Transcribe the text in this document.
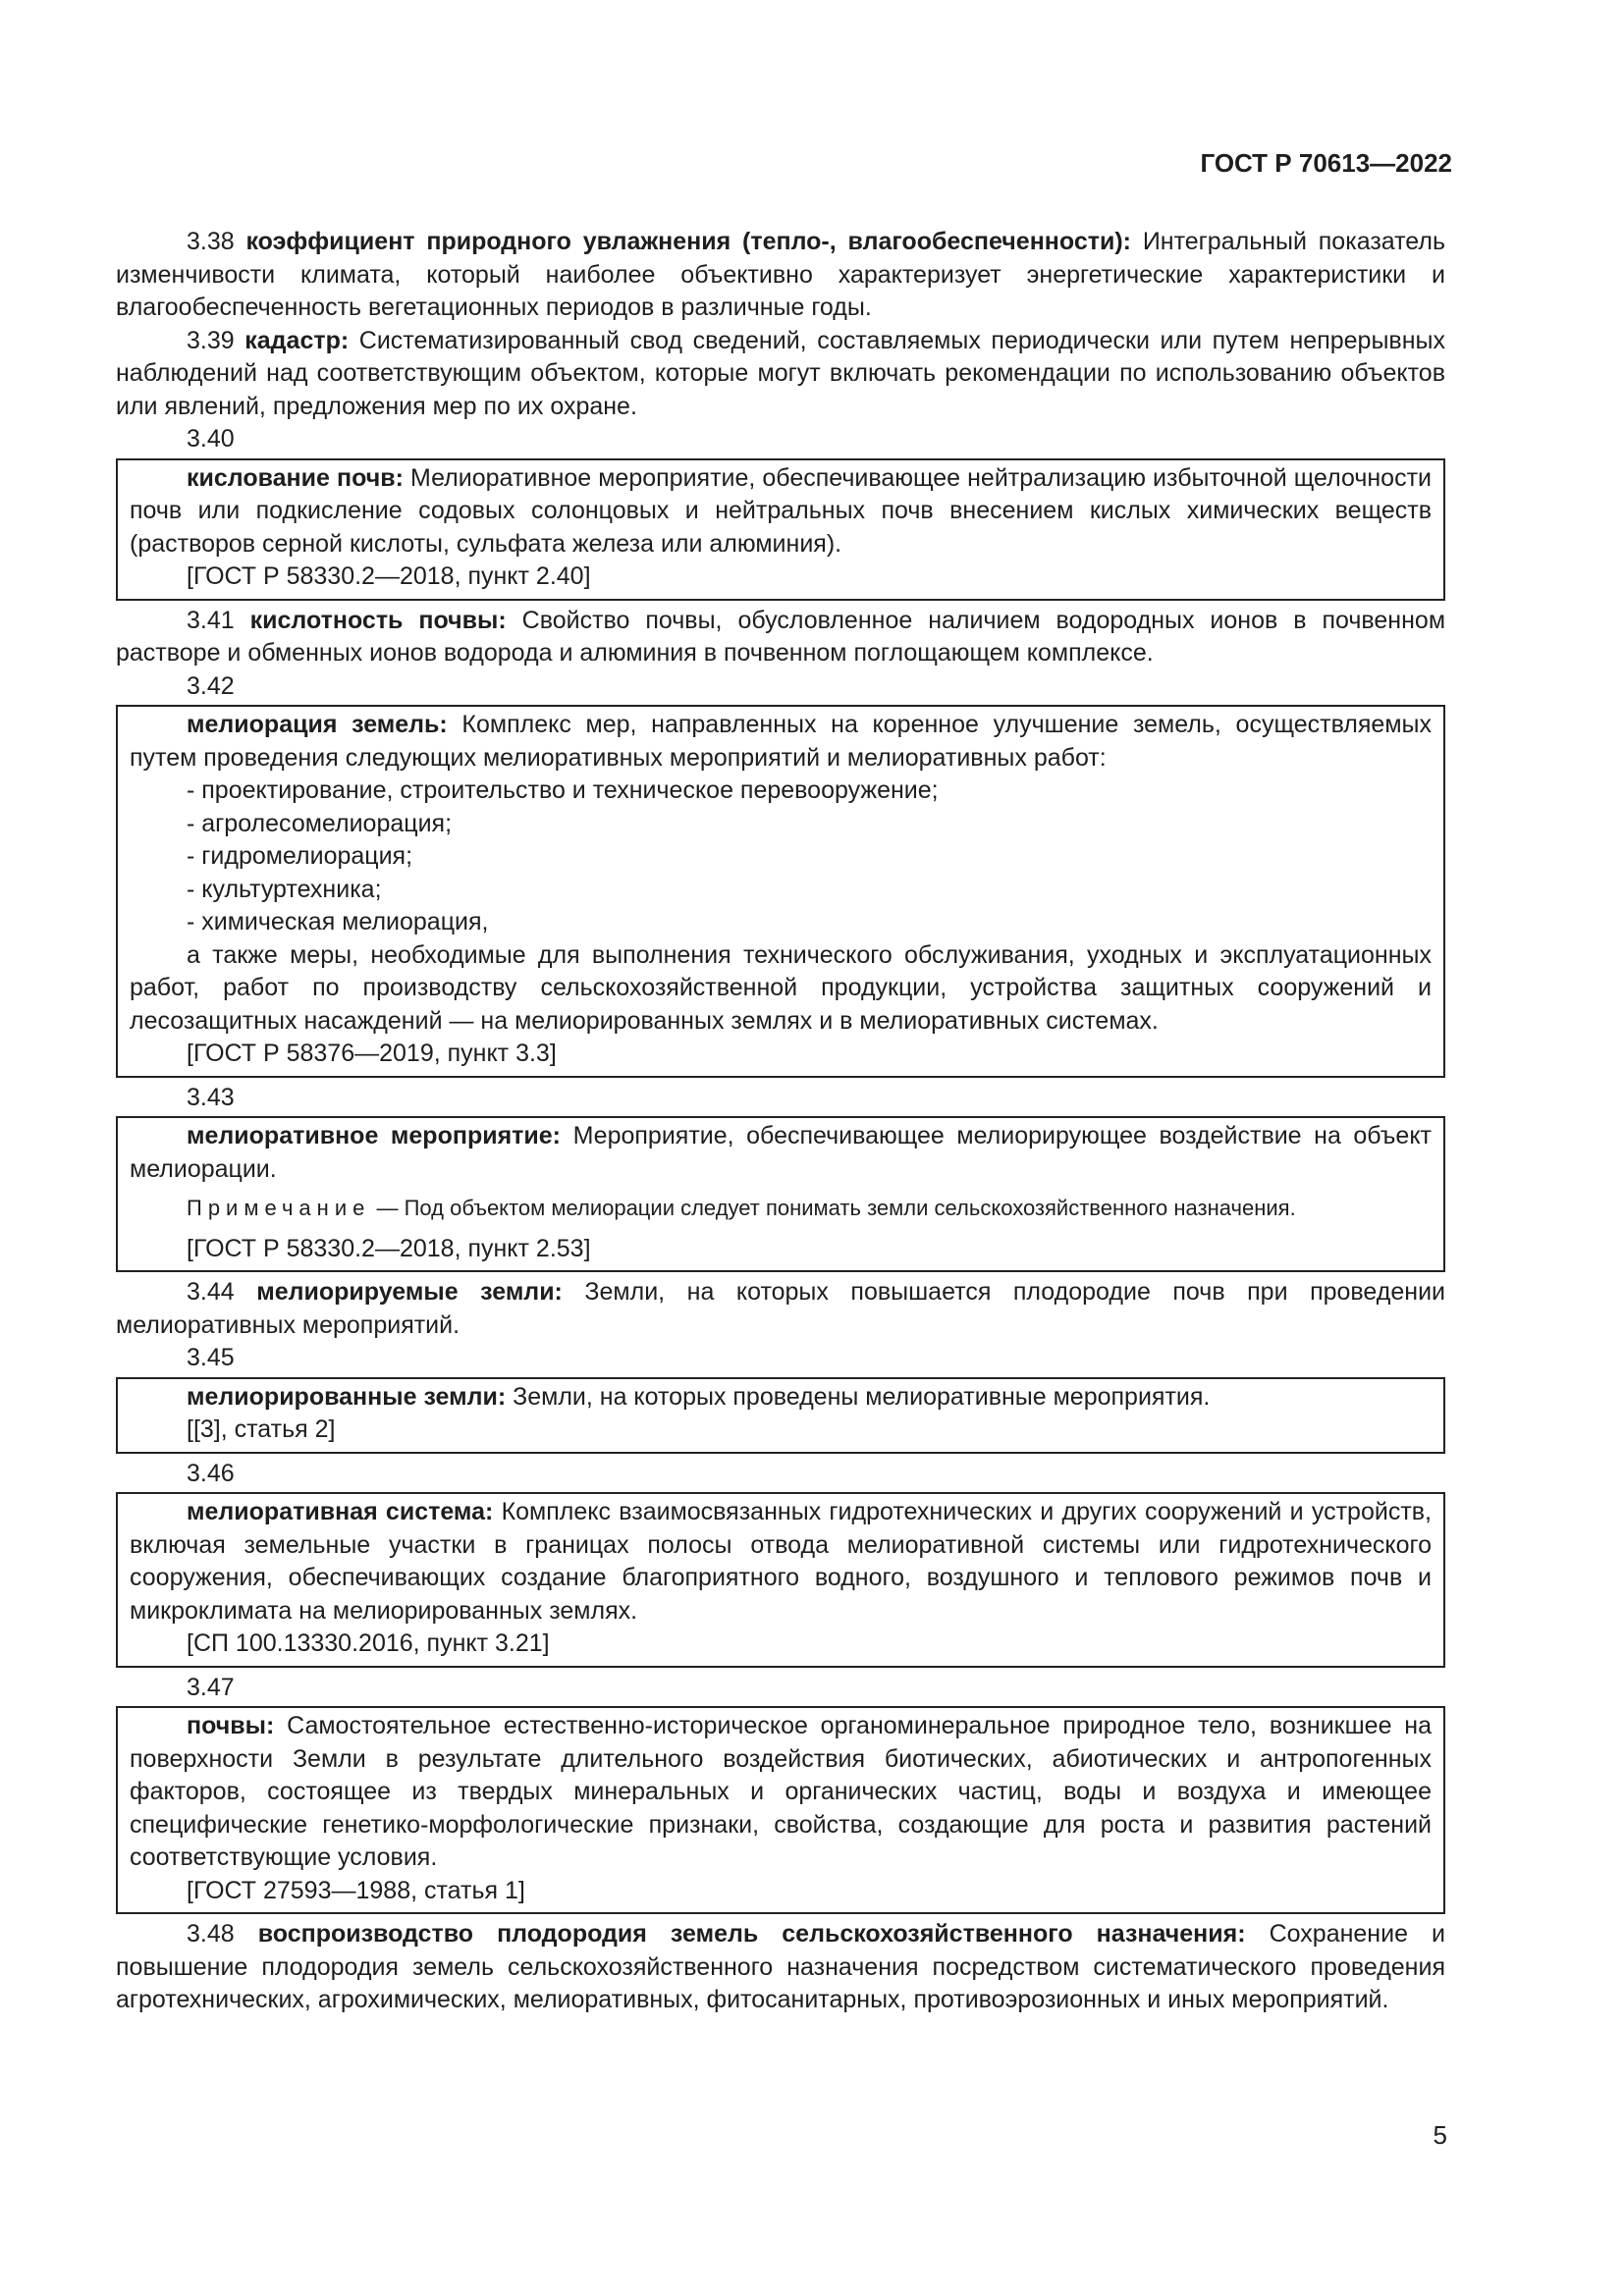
ГОСТ Р 70613—2022

3.38 коэффициент природного увлажнения (тепло-, влагообеспеченности): Интегральный показатель изменчивости климата, который наиболее объективно характеризует энергетические характеристики и влагообеспеченность вегетационных периодов в различные годы.

3.39 кадастр: Систематизированный свод сведений, составляемых периодически или путем непрерывных наблюдений над соответствующим объектом, которые могут включать рекомендации по использованию объектов или явлений, предложения мер по их охране.

3.40

кислование почв: Мелиоративное мероприятие, обеспечивающее нейтрализацию избыточной щелочности почв или подкисление содовых солонцовых и нейтральных почв внесением кислых химических веществ (растворов серной кислоты, сульфата железа или алюминия).

[ГОСТ Р 58330.2—2018, пункт 2.40]

3.41 кислотность почвы: Свойство почвы, обусловленное наличием водородных ионов в почвенном растворе и обменных ионов водорода и алюминия в почвенном поглощающем комплексе.

3.42

мелиорация земель: Комплекс мер, направленных на коренное улучшение земель, осуществляемых путем проведения следующих мелиоративных мероприятий и мелиоративных работ:

- проектирование, строительство и техническое перевооружение;

- агролесомелиорация;

- гидромелиорация;

- культуртехника;

- химическая мелиорация,

а также меры, необходимые для выполнения технического обслуживания, уходных и эксплуатационных работ, работ по производству сельскохозяйственной продукции, устройства защитных сооружений и лесозащитных насаждений — на мелиорированных землях и в мелиоративных системах.

[ГОСТ Р 58376—2019, пункт 3.3]

3.43

мелиоративное мероприятие: Мероприятие, обеспечивающее мелиорирующее воздействие на объект мелиорации.

Примечание — Под объектом мелиорации следует понимать земли сельскохозяйственного назначения.

[ГОСТ Р 58330.2—2018, пункт 2.53]

3.44 мелиорируемые земли: Земли, на которых повышается плодородие почв при проведении мелиоративных мероприятий.

3.45

мелиорированные земли: Земли, на которых проведены мелиоративные мероприятия.

[[3], статья 2]

3.46

мелиоративная система: Комплекс взаимосвязанных гидротехнических и других сооружений и устройств, включая земельные участки в границах полосы отвода мелиоративной системы или гидротехнического сооружения, обеспечивающих создание благоприятного водного, воздушного и теплового режимов почв и микроклимата на мелиорированных землях.

[СП 100.13330.2016, пункт 3.21]

3.47

почвы: Самостоятельное естественно-историческое органоминеральное природное тело, возникшее на поверхности Земли в результате длительного воздействия биотических, абиотических и антропогенных факторов, состоящее из твердых минеральных и органических частиц, воды и воздуха и имеющее специфические генетико-морфологические признаки, свойства, создающие для роста и развития растений соответствующие условия.

[ГОСТ 27593—1988, статья 1]

3.48 воспроизводство плодородия земель сельскохозяйственного назначения: Сохранение и повышение плодородия земель сельскохозяйственного назначения посредством систематического проведения агротехнических, агрохимических, мелиоративных, фитосанитарных, противоэрозионных и иных мероприятий.

5
